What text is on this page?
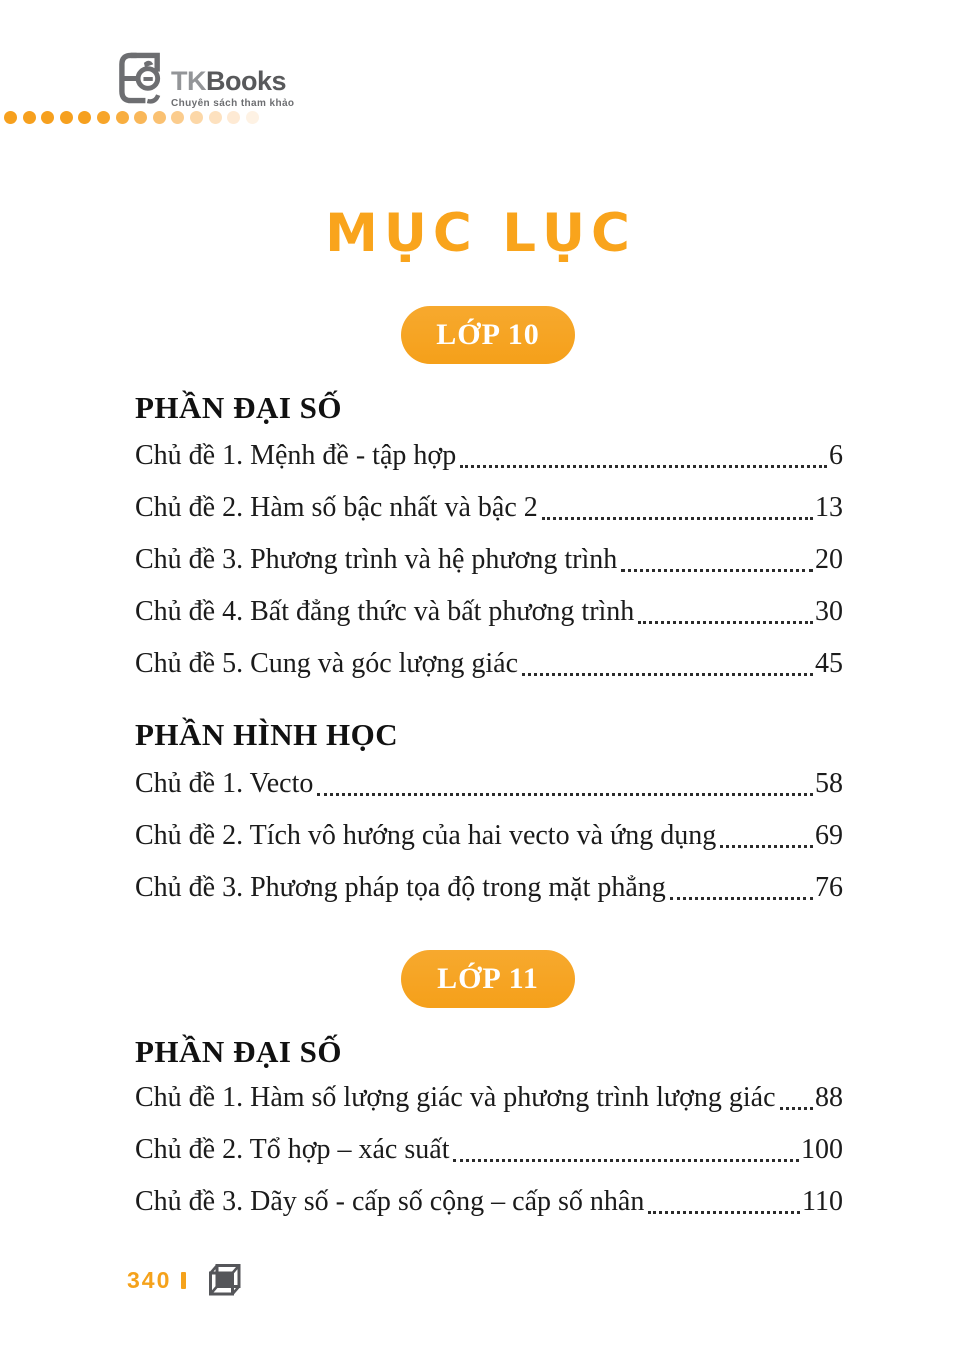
TKBooks
Chuyên sách tham khảo
MỤC LỤC
LỚP 10
PHẦN ĐẠI SỐ
Chủ đề 1. Mệnh đề - tập hợp	6
Chủ đề 2. Hàm số bậc nhất và bậc 2	13
Chủ đề 3. Phương trình và hệ phương trình	20
Chủ đề 4. Bất đẳng thức và bất phương trình	30
Chủ đề 5. Cung và góc lượng giác	45
PHẦN HÌNH HỌC
Chủ đề 1. Vecto	58
Chủ đề 2. Tích vô hướng của hai vecto và ứng dụng	69
Chủ đề 3. Phương pháp tọa độ trong mặt phẳng	76
LỚP 11
PHẦN ĐẠI SỐ
Chủ đề 1. Hàm số lượng giác và phương trình lượng giác 88
Chủ đề 2. Tổ hợp – xác suất	100
Chủ đề 3. Dãy số - cấp số cộng – cấp số nhân	110
340
